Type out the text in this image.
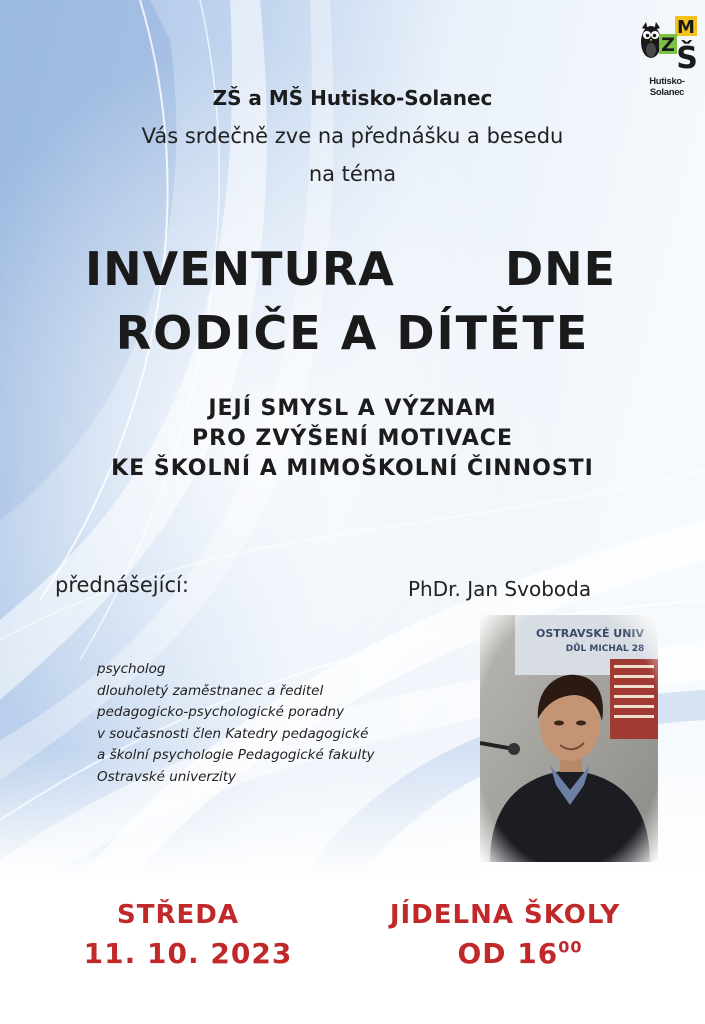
M
Z Š
Hutisko-Solanec
ZŠ a MŠ Hutisko-Solanec
Vás srdečně zve na přednášku a besedu
na téma
INVENTURA DNE
RODIČE A DÍTĚTE
JEJÍ SMYSL A VÝZNAM
PRO ZVÝŠENÍ MOTIVACE
KE ŠKOLNÍ A MIMOŠKOLNÍ ČINNOSTI
přednášející:	PhDr. Jan Svoboda
psycholog
dlouholetý zaměstnanec a ředitel
pedagogicko-psychologické poradny
v současnosti člen Katedry pedagogické
a školní psychologie Pedagogické fakulty
Ostravské univerzity
STŘEDA
11. 10. 2023
JÍDELNA ŠKOLY
OD $16^{00}$
